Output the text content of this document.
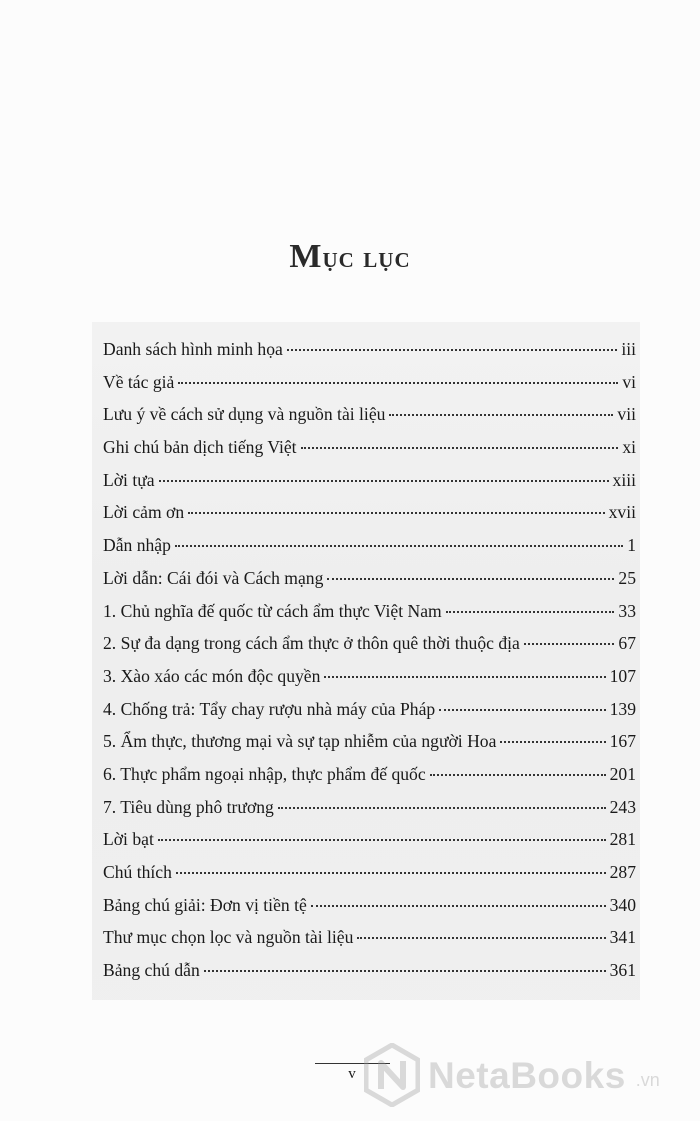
Mục lục
Danh sách hình minh họa	iii
Về tác giả	vi
Lưu ý về cách sử dụng và nguồn tài liệu	vii
Ghi chú bản dịch tiếng Việt	xi
Lời tựa	xiii
Lời cảm ơn	xvii
Dẫn nhập	1
Lời dẫn: Cái đói và Cách mạng	25
1. Chủ nghĩa đế quốc từ cách ẩm thực Việt Nam	33
2. Sự đa dạng trong cách ẩm thực ở thôn quê thời thuộc địa	67
3. Xào xáo các món độc quyền	107
4. Chống trả: Tẩy chay rượu nhà máy của Pháp	139
5. Ẩm thực, thương mại và sự tạp nhiễm của người Hoa	167
6. Thực phẩm ngoại nhập, thực phẩm đế quốc	201
7. Tiêu dùng phô trương	243
Lời bạt	281
Chú thích	287
Bảng chú giải: Đơn vị tiền tệ	340
Thư mục chọn lọc và nguồn tài liệu	341
Bảng chú dẫn	361
v	NetaBooks .vn
